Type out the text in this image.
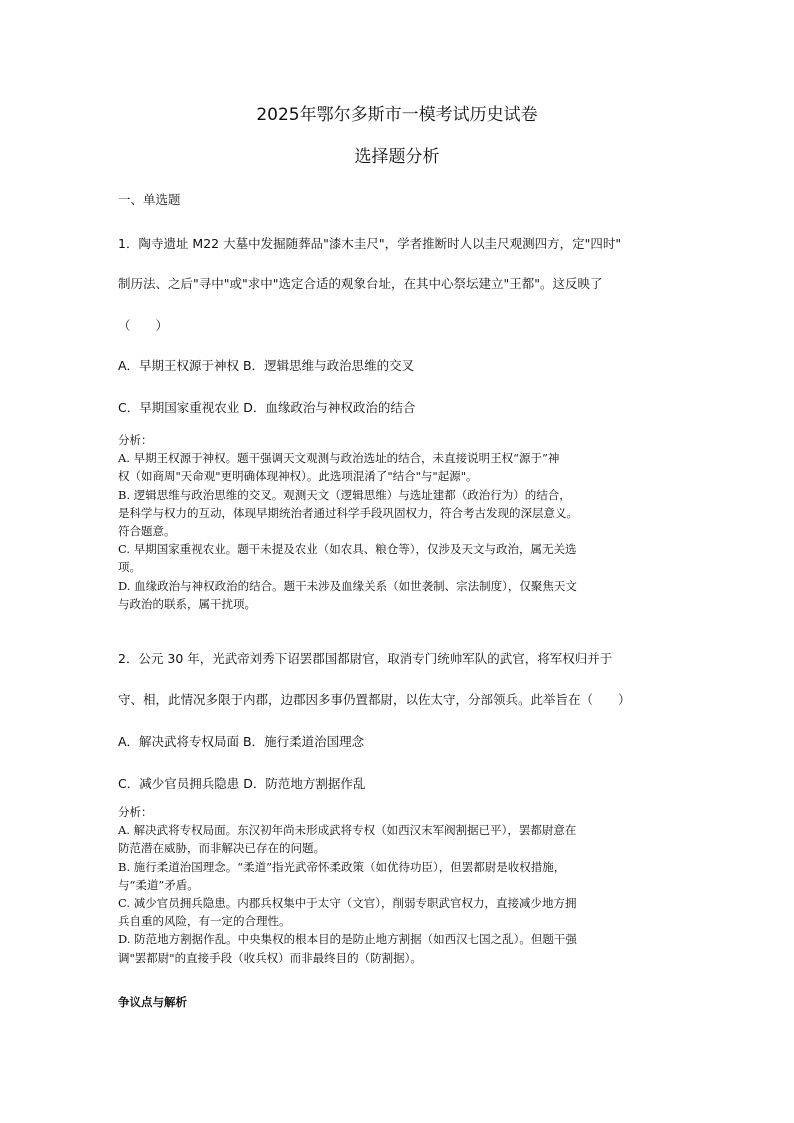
2025年鄂尔多斯市一模考试历史试卷
选择题分析

一、单选题

1．陶寺遗址 M22 大墓中发掘随葬品"漆木圭尺"，学者推断时人以圭尺观测四方，定"四时"

制历法、之后"寻中"或"求中"选定合适的观象台址，在其中心祭坛建立"王都"。这反映了

（　　）

A．早期王权源于神权 B．逻辑思维与政治思维的交叉

C．早期国家重视农业 D．血缘政治与神权政治的结合

分析：

A. 早期王权源于神权。题干强调天文观测与政治选址的结合，未直接说明王权“源于”神

权（如商周"天命观"更明确体现神权）。此选项混淆了"结合"与"起源"。

B. 逻辑思维与政治思维的交叉。观测天文（逻辑思维）与选址建都（政治行为）的结合，

是科学与权力的互动，体现早期统治者通过科学手段巩固权力，符合考古发现的深层意义。

符合题意。

C. 早期国家重视农业。题干未提及农业（如农具、粮仓等），仅涉及天文与政治，属无关选

项。

D. 血缘政治与神权政治的结合。题干未涉及血缘关系（如世袭制、宗法制度），仅聚焦天文

与政治的联系，属干扰项。

2．公元 30 年，光武帝刘秀下诏罢郡国都尉官，取消专门统帅军队的武官，将军权归并于

守、相，此情况多限于内郡，边郡因多事仍置都尉，以佐太守，分部领兵。此举旨在（　　）

A．解决武将专权局面 B．施行柔道治国理念

C．减少官员拥兵隐患 D．防范地方割据作乱

分析：

A. 解决武将专权局面。东汉初年尚未形成武将专权（如西汉末军阀割据已平），罢都尉意在

防范潜在威胁，而非解决已存在的问题。

B. 施行柔道治国理念。“柔道”指光武帝怀柔政策（如优待功臣），但罢都尉是收权措施，

与“柔道”矛盾。

C. 减少官员拥兵隐患。内郡兵权集中于太守（文官），削弱专职武官权力，直接减少地方拥

兵自重的风险，有一定的合理性。

D. 防范地方割据作乱。中央集权的根本目的是防止地方割据（如西汉七国之乱）。但题干强

调"罢都尉"的直接手段（收兵权）而非最终目的（防割据）。

争议点与解析
